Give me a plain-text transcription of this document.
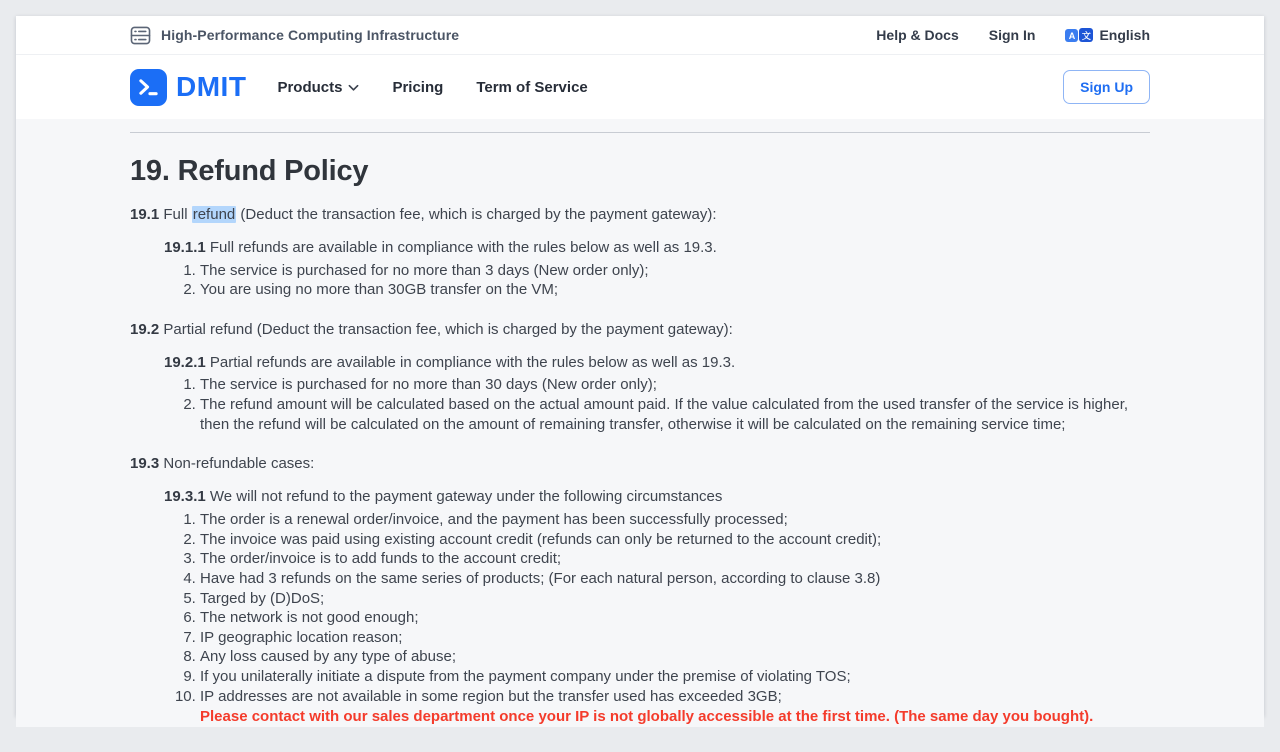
High-Performance Computing Infrastructure	Help & Docs Sign In	A 文 English
DMIT Products	Pricing Term of Service	Sign Up
19. Refund Policy

19.1 Full refund (Deduct the transaction fee, which is charged by the payment gateway):

19.1.1 Full refunds are available in compliance with the rules below as well as 19.3.
1. The service is purchased for no more than 3 days (New order only);
2. You are using no more than 30GB transfer on the VM;

19.2 Partial refund (Deduct the transaction fee, which is charged by the payment gateway):

19.2.1 Partial refunds are available in compliance with the rules below as well as 19.3.
1. The service is purchased for no more than 30 days (New order only);
2. The refund amount will be calculated based on the actual amount paid. If the value calculated from the used transfer of the service is higher, then the refund will be calculated on the amount of remaining transfer, otherwise it will be calculated on the remaining service time;

19.3 Non-refundable cases:

19.3.1 We will not refund to the payment gateway under the following circumstances
1. The order is a renewal order/invoice, and the payment has been successfully processed;
2. The invoice was paid using existing account credit (refunds can only be returned to the account credit);
3. The order/invoice is to add funds to the account credit;
4. Have had 3 refunds on the same series of products; (For each natural person, according to clause 3.8)
5. Targed by (D)DoS;
6. The network is not good enough;
7. IP geographic location reason;
8. Any loss caused by any type of abuse;
9. If you unilaterally initiate a dispute from the payment company under the premise of violating TOS;
10. IP addresses are not available in some region but the transfer used has exceeded 3GB;
Please contact with our sales department once your IP is not globally accessible at the first time. (The same day you bought).
